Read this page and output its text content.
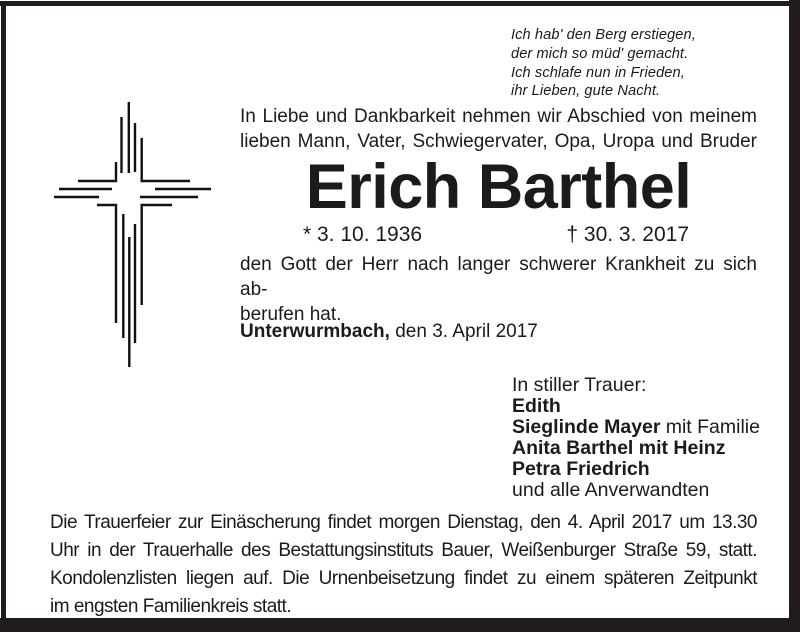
Ich hab' den Berg erstiegen,
der mich so müd' gemacht.
Ich schlafe nun in Frieden,
ihr Lieben, gute Nacht.
In Liebe und Dankbarkeit nehmen wir Abschied von meinem
lieben Mann, Vater, Schwiegervater, Opa, Uropa und Bruder
Erich Barthel
* 3. 10. 1936	† 30. 3. 2017
den Gott der Herr nach langer schwerer Krankheit zu sich ab-
berufen hat.
Unterwurmbach, den 3. April 2017
In stiller Trauer:
Edith
Sieglinde Mayer mit Familie
Anita Barthel mit Heinz
Petra Friedrich
und alle Anverwandten
Die Trauerfeier zur Einäscherung findet morgen Dienstag, den 4. April 2017 um 13.30
Uhr in der Trauerhalle des Bestattungsinstituts Bauer, Weißenburger Straße 59, statt.
Kondolenzlisten liegen auf. Die Urnenbeisetzung findet zu einem späteren Zeitpunkt
im engsten Familienkreis statt.
